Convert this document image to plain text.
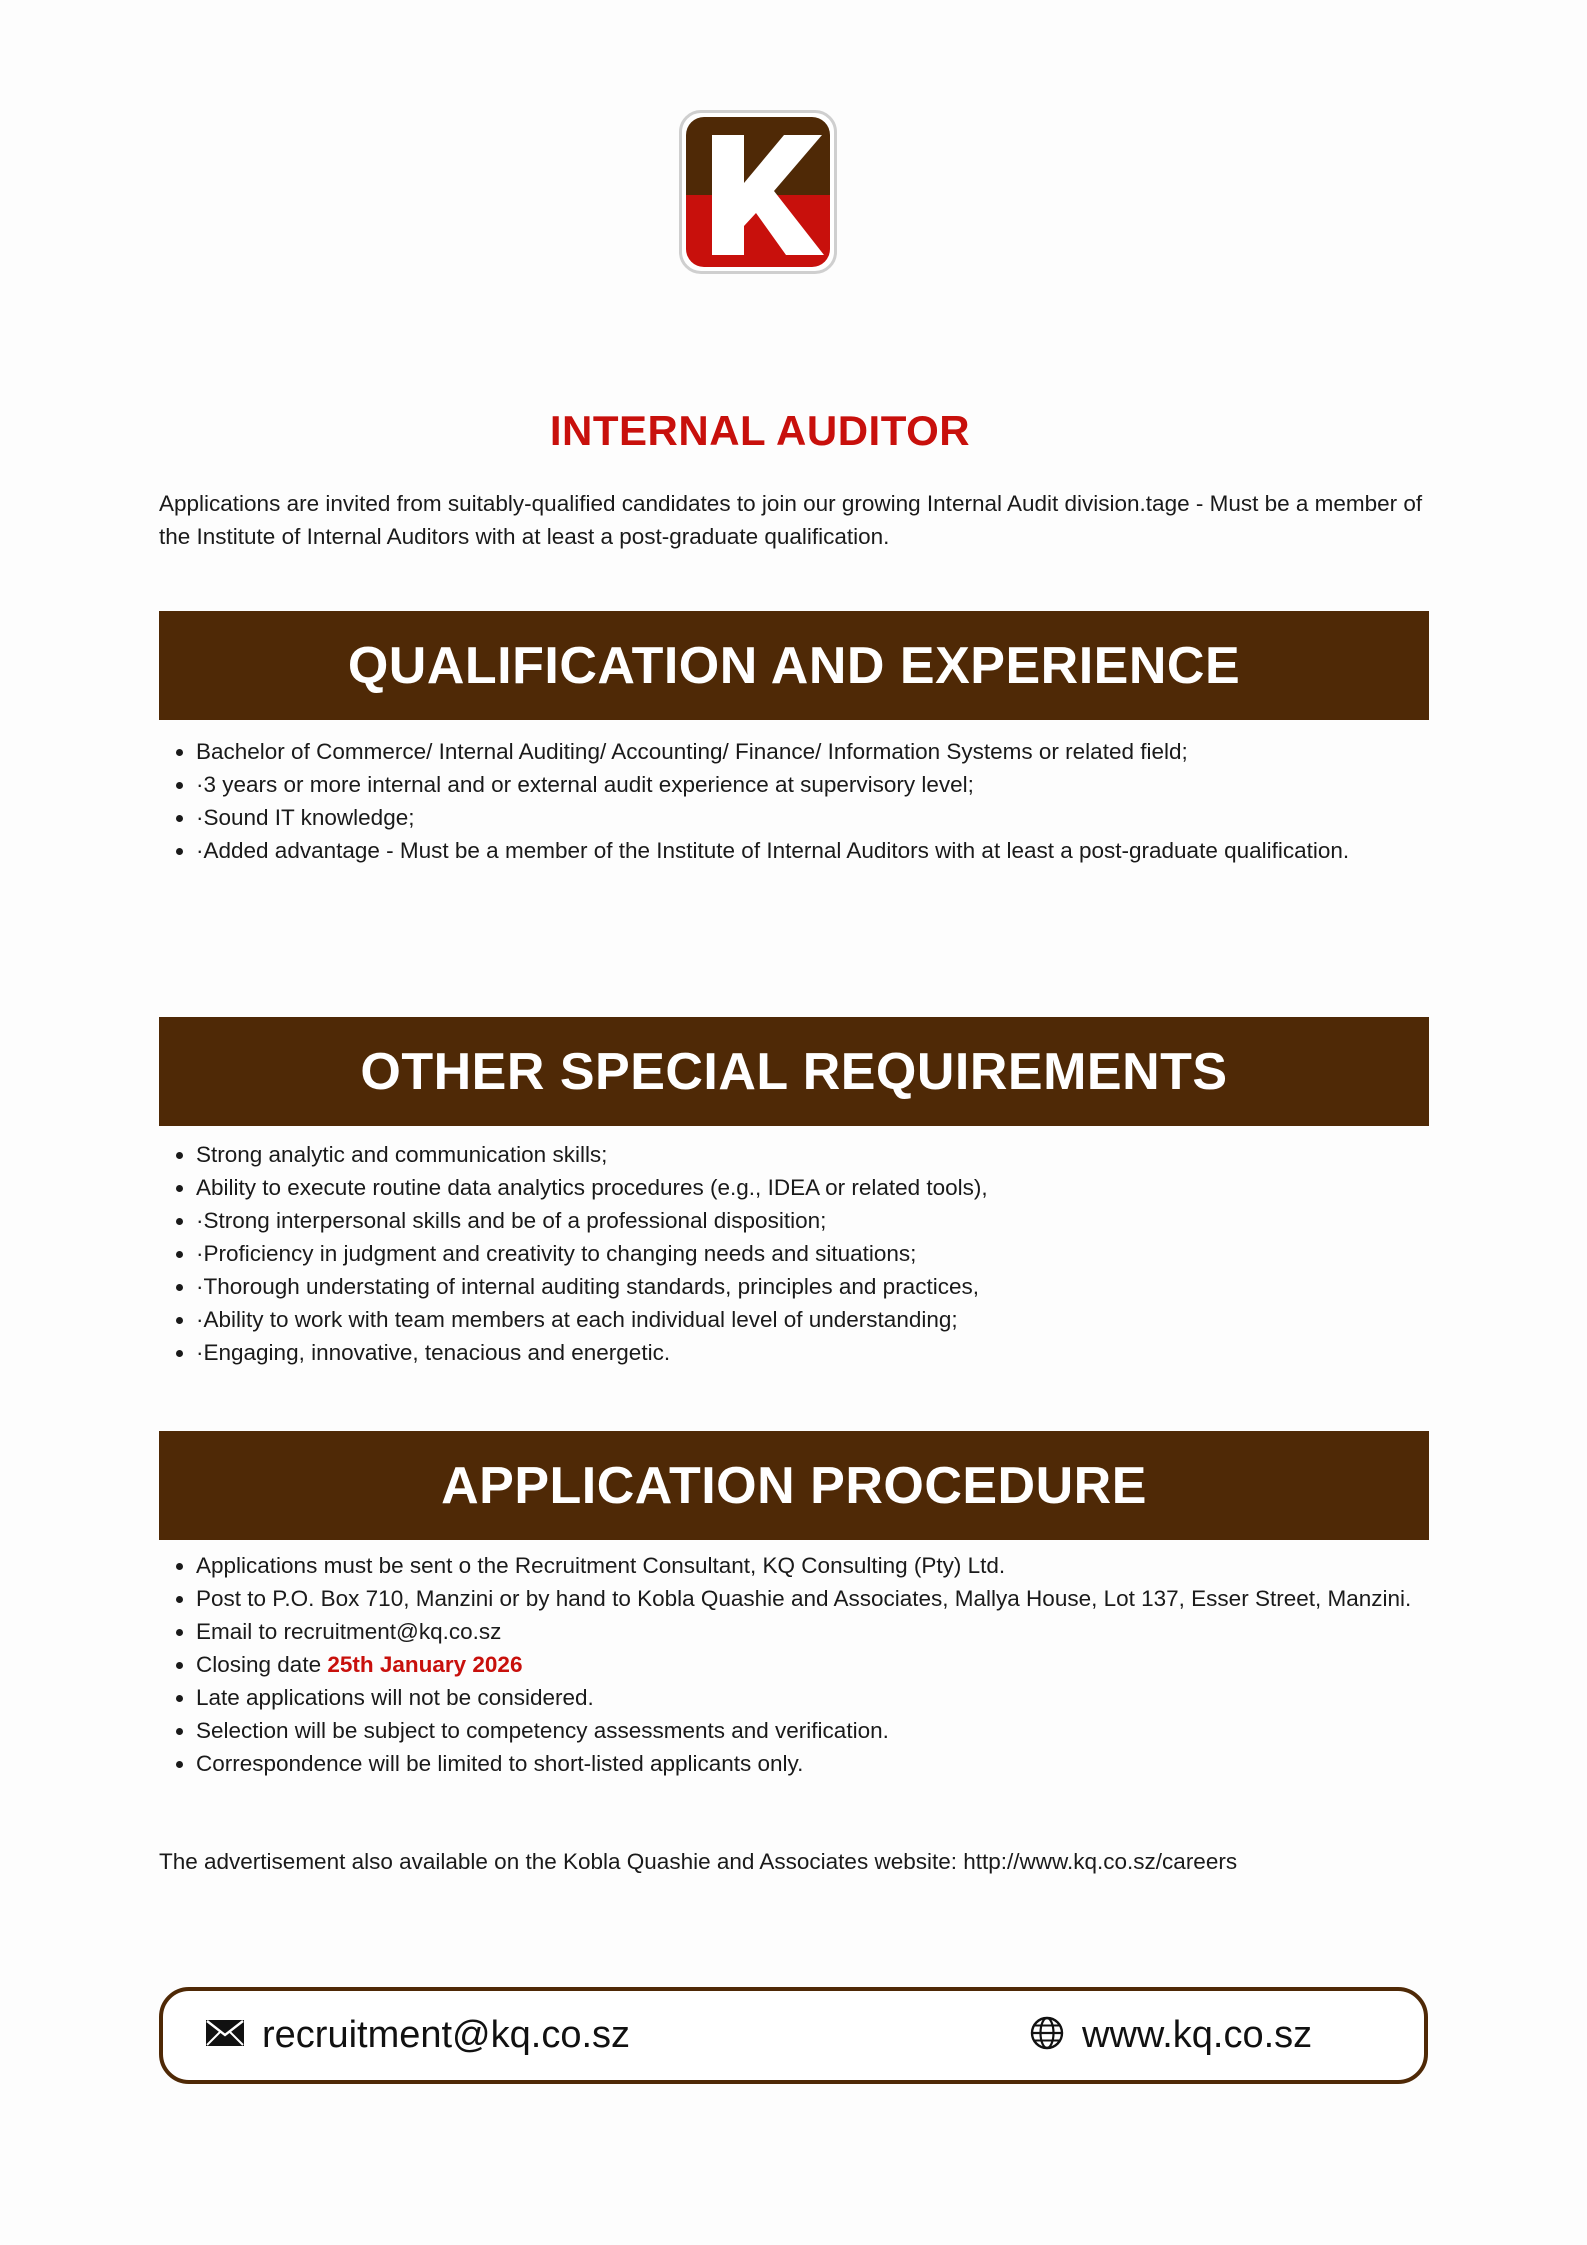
INTERNAL AUDITOR
Applications are invited from suitably-qualified candidates to join our growing Internal Audit division.tage - Must be a member of the Institute of Internal Auditors with at least a post-graduate qualification.
QUALIFICATION AND EXPERIENCE
• Bachelor of Commerce/ Internal Auditing/ Accounting/ Finance/ Information Systems or related field;
• ·3 years or more internal and or external audit experience at supervisory level;
• ·Sound IT knowledge;
• ·Added advantage - Must be a member of the Institute of Internal Auditors with at least a post-graduate qualification.
OTHER SPECIAL REQUIREMENTS
• Strong analytic and communication skills;
• Ability to execute routine data analytics procedures (e.g., IDEA or related tools),
• ·Strong interpersonal skills and be of a professional disposition;
• ·Proficiency in judgment and creativity to changing needs and situations;
• ·Thorough understating of internal auditing standards, principles and practices,
• ·Ability to work with team members at each individual level of understanding;
• ·Engaging, innovative, tenacious and energetic.
APPLICATION PROCEDURE
• Applications must be sent o the Recruitment Consultant, KQ Consulting (Pty) Ltd.
• Post to P.O. Box 710, Manzini or by hand to Kobla Quashie and Associates, Mallya House, Lot 137, Esser Street, Manzini.
• Email to recruitment@kq.co.sz
• Closing date 25th January 2026
• Late applications will not be considered.
• Selection will be subject to competency assessments and verification.
• Correspondence will be limited to short-listed applicants only.
The advertisement also available on the Kobla Quashie and Associates website: http://www.kq.co.sz/careers
recruitment@kq.co.sz	www.kq.co.sz
